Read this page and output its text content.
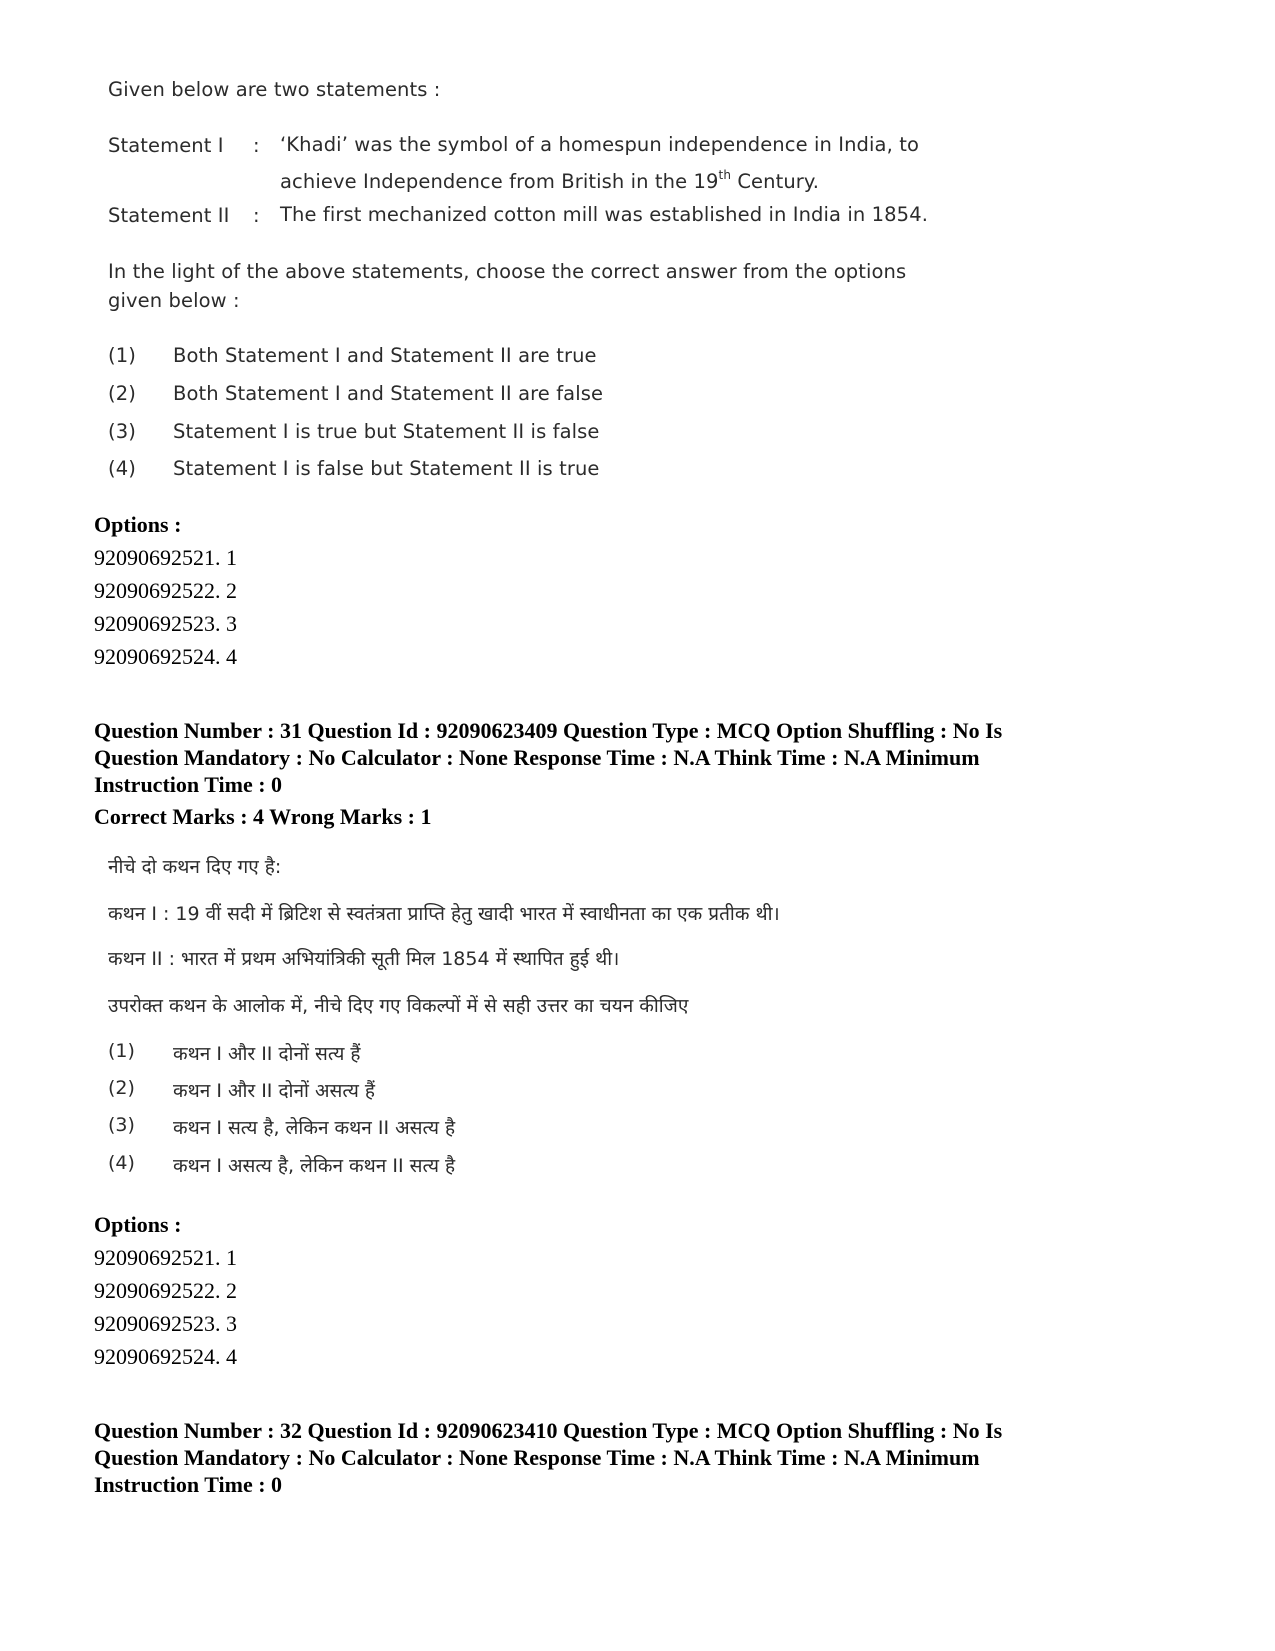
Given below are two statements :
Statement I : ‘Khadi’ was the symbol of a homespun independence in India, to
achieve Independence from British in the 19th Century.
Statement II : The first mechanized cotton mill was established in India in 1854.
In the light of the above statements, choose the correct answer from the options
given below :
(1) Both Statement I and Statement II are true
(2) Both Statement I and Statement II are false
(3) Statement I is true but Statement II is false
(4) Statement I is false but Statement II is true
Options :
92090692521. 1
92090692522. 2
92090692523. 3
92090692524. 4
Question Number : 31 Question Id : 92090623409 Question Type : MCQ Option Shuffling : No Is
Question Mandatory : No Calculator : None Response Time : N.A Think Time : N.A Minimum
Instruction Time : 0
Correct Marks : 4 Wrong Marks : 1
नीचे दो कथन दिए गए है:
कथन I : 19 वीं सदी में ब्रिटिश से स्वतंत्रता प्राप्ति हेतु खादी भारत में स्वाधीनता का एक प्रतीक थी।
कथन II : भारत में प्रथम अभियांत्रिकी सूती मिल 1854 में स्थापित हुई थी।
उपरोक्त कथन के आलोक में, नीचे दिए गए विकल्पों में से सही उत्तर का चयन कीजिए
(1) कथन I और II दोनों सत्य हैं
(2) कथन I और II दोनों असत्य हैं
(3) कथन I सत्य है, लेकिन कथन II असत्य है
(4) कथन I असत्य है, लेकिन कथन II सत्य है
Options :
92090692521. 1
92090692522. 2
92090692523. 3
92090692524. 4
Question Number : 32 Question Id : 92090623410 Question Type : MCQ Option Shuffling : No Is
Question Mandatory : No Calculator : None Response Time : N.A Think Time : N.A Minimum
Instruction Time : 0
